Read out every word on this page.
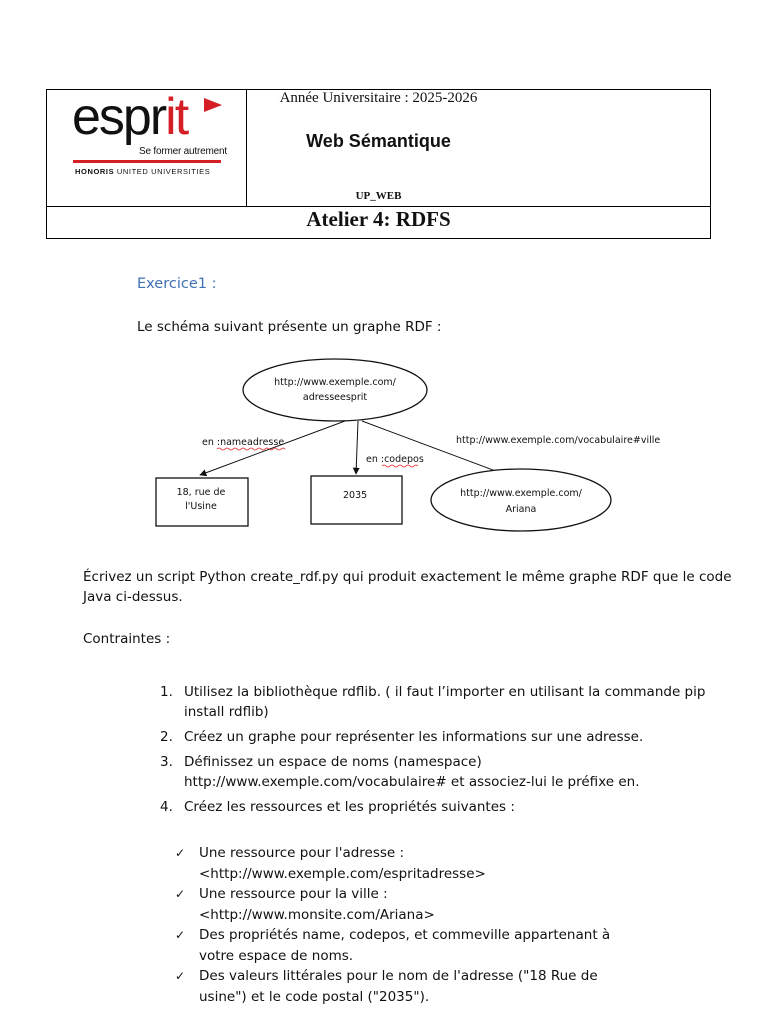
esprit
Se former autrement
HONORIS UNITED UNIVERSITIES
Année Universitaire : 2025-2026
Web Sémantique
UP_WEB
Atelier 4: RDFS
Exercice1 :
Le schéma suivant présente un graphe RDF :
http://www.exemple.com/
adresseesprit
en :nameadresse
en :codepos
http://www.exemple.com/vocabulaire#ville
18, rue de
l'Usine
2035	http://www.exemple.com/
Ariana
Écrivez un script Python create_rdf.py qui produit exactement le même graphe RDF que le code Java ci-dessus.
Contraintes :
1. Utilisez la bibliothèque rdflib. ( il faut l’importer en utilisant la commande pip install rdflib)
2. Créez un graphe pour représenter les informations sur une adresse.
3. Définissez un espace de noms (namespace) http://www.exemple.com/vocabulaire# et associez-lui le préfixe en.
4. Créez les ressources et les propriétés suivantes :
✓ Une ressource pour l'adresse :
<http://www.exemple.com/espritadresse>
✓ Une ressource pour la ville :
<http://www.monsite.com/Ariana>
✓ Des propriétés name, codepos, et commeville appartenant à
votre espace de noms.
✓ Des valeurs littérales pour le nom de l'adresse ("18 Rue de
usine") et le code postal ("2035").
